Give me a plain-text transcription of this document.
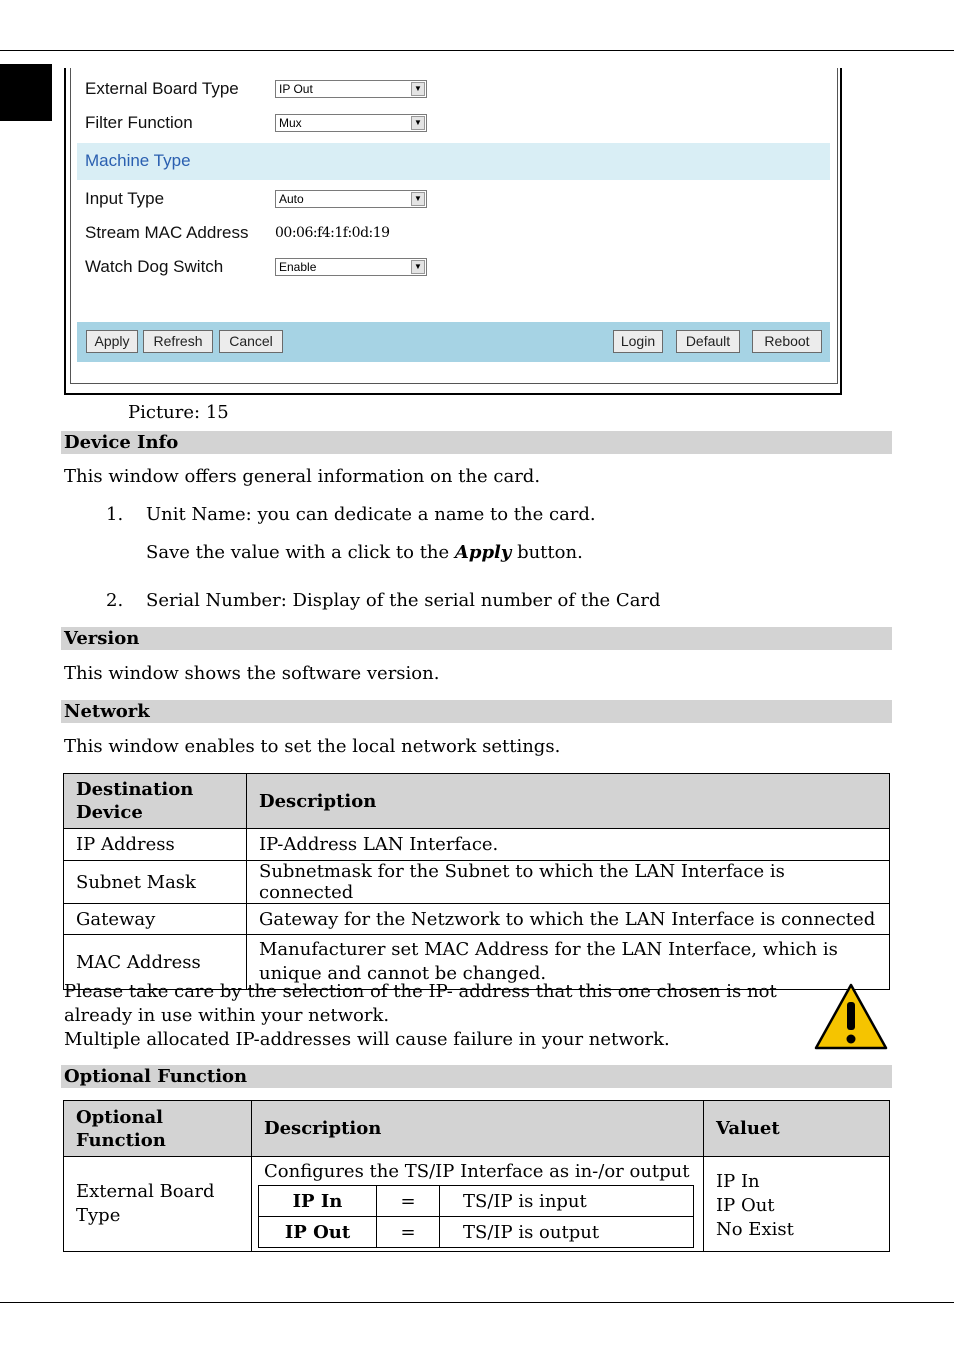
External Board Type	IP Out	▼
Filter Function	Mux	▼
Machine Type
Input Type	Auto	▼
Stream MAC Address 00:06:f4:1f:0d:19
Watch Dog Switch	Enable	▼
Apply	Refresh	Cancel	Login	Default	Reboot
Picture: 15
Device Info
This window offers general information on the card.
1. Unit Name: you can dedicate a name to the card.
Save the value with a click to the Apply button.
2. Serial Number: Display of the serial number of the Card
Version
This window shows the software version.
Network
This window enables to set the local network settings.
Destination Device	Description
IP Address	IP-Address LAN Interface.
Subnet Mask	Subnetmask for the Subnet to which the LAN Interface is connected
Gateway	Gateway for the Netzwork to which the LAN Interface is connected
MAC Address	Manufacturer set MAC Address for the LAN Interface, which is unique and cannot be changed.
Please take care by the selection of the IP- address that this one chosen is not
already in use within your network.
Multiple allocated IP-addresses will cause failure in your network.
Optional Function
Optional Function	Description	Valuet
External Board Type	Configures the TS/IP Interface as in-/or output	IP In
IP Out
No Exist
IP In	=	TS/IP is input
IP Out	=	TS/IP is output
